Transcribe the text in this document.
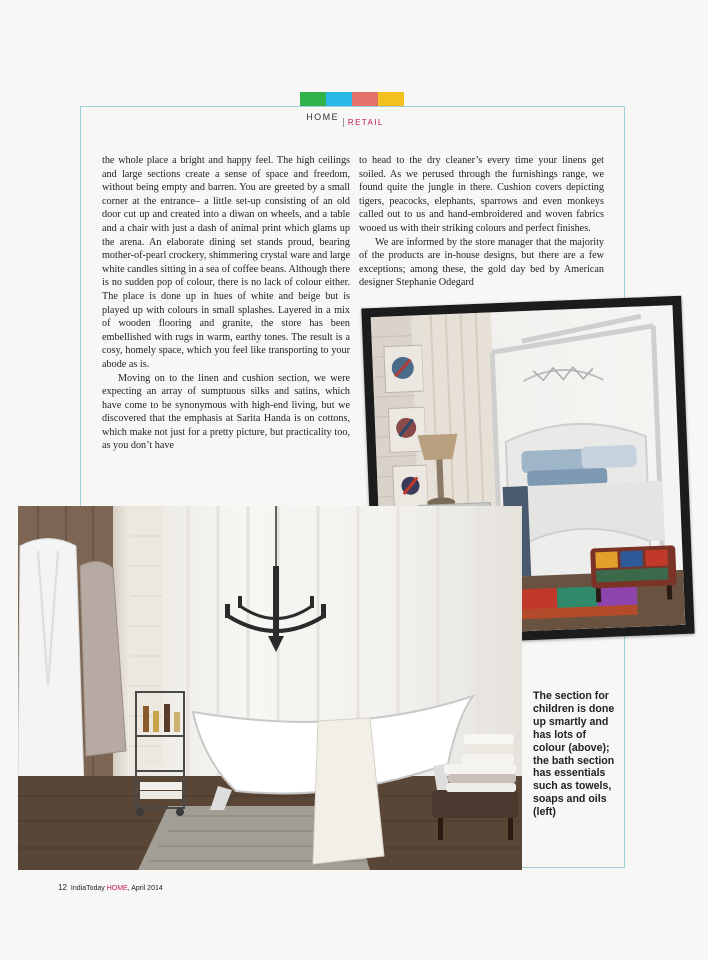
HOMERETAIL

the whole place a bright and happy feel. The high ceilings and large sections create a sense of space and freedom, without being empty and barren. You are greeted by a small corner at the entrance– a little set-up consisting of an old door cut up and created into a diwan on wheels, and a table and a chair with just a dash of animal print which glams up the arena. An elaborate dining set stands proud, bearing mother-of-pearl crockery, shimmering crystal ware and large white candles sitting in a sea of coffee beans. Although there is no sudden pop of colour, there is no lack of colour either. The place is done up in hues of white and beige but is played up with colours in small splashes. Layered in a mix of wooden flooring and granite, the store has been embellished with rugs in warm, earthy tones. The result is a cosy, homely space, which you feel like transporting to your abode as is.

Moving on to the linen and cushion section, we were expecting an array of sumptuous silks and satins, which have come to be synonymous with high-end living, but we discovered that the emphasis at Sarita Handa is on cottons, which make not just for a pretty picture, but practicality too, as you don’t have

to head to the dry cleaner’s every time your linens get soiled. As we perused through the furnishings range, we found quite the jungle in there. Cushion covers depicting tigers, peacocks, elephants, sparrows and even monkeys called out to us and hand-embroidered and woven fabrics wooed us with their striking colours and perfect finishes.

We are informed by the store manager that the majority of the products are in-house designs, but there are a few exceptions; among these, the gold day bed by American designer Stephanie Odegard

The section for children is done up smartly and has lots of colour (above); the bath section has essentials such as towels, soaps and oils (left)

12 IndiaToday HOME, April 2014
